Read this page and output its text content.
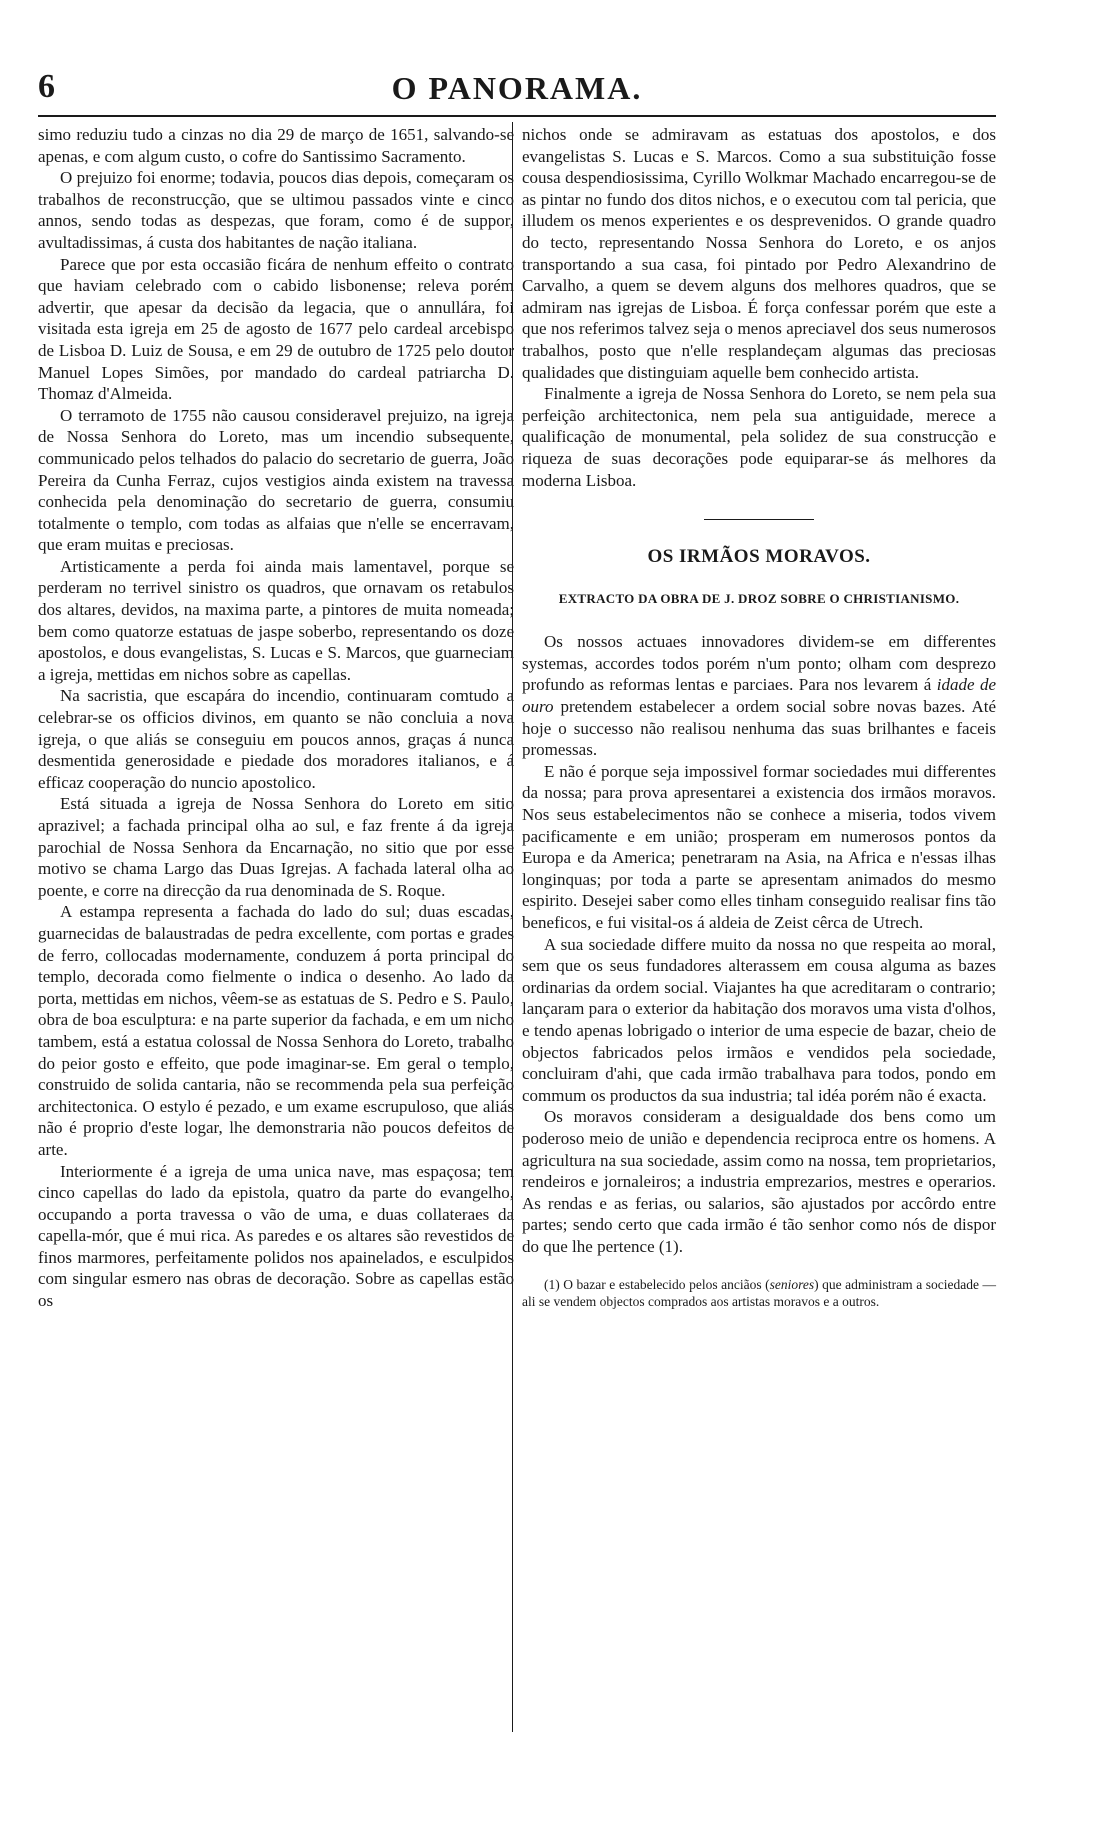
6	O PANORAMA.

simo reduziu tudo a cinzas no dia 29 de março de 1651, salvando-se apenas, e com algum custo, o cofre do Santissimo Sacramento.

O prejuizo foi enorme; todavia, poucos dias depois, começaram os trabalhos de reconstrucção, que se ultimou passados vinte e cinco annos, sendo todas as despezas, que foram, como é de suppor, avultadissimas, á custa dos habitantes de nação italiana.

Parece que por esta occasião ficára de nenhum effeito o contrato que haviam celebrado com o cabido lisbonense; releva porém advertir, que apesar da decisão da legacia, que o annullára, foi visitada esta igreja em 25 de agosto de 1677 pelo cardeal arcebispo de Lisboa D. Luiz de Sousa, e em 29 de outubro de 1725 pelo doutor Manuel Lopes Simões, por mandado do cardeal patriarcha D. Thomaz d'Almeida.

O terramoto de 1755 não causou consideravel prejuizo, na igreja de Nossa Senhora do Loreto, mas um incendio subsequente, communicado pelos telhados do palacio do secretario de guerra, João Pereira da Cunha Ferraz, cujos vestigios ainda existem na travessa conhecida pela denominação do secretario de guerra, consumiu totalmente o templo, com todas as alfaias que n'elle se encerravam, que eram muitas e preciosas.

Artisticamente a perda foi ainda mais lamentavel, porque se perderam no terrivel sinistro os quadros, que ornavam os retabulos dos altares, devidos, na maxima parte, a pintores de muita nomeada; bem como quatorze estatuas de jaspe soberbo, representando os doze apostolos, e dous evangelistas, S. Lucas e S. Marcos, que guarneciam a igreja, mettidas em nichos sobre as capellas.

Na sacristia, que escapára do incendio, continuaram comtudo a celebrar-se os officios divinos, em quanto se não concluia a nova igreja, o que aliás se conseguiu em poucos annos, graças á nunca desmentida generosidade e piedade dos moradores italianos, e á efficaz cooperação do nuncio apostolico.

Está situada a igreja de Nossa Senhora do Loreto em sitio aprazivel; a fachada principal olha ao sul, e faz frente á da igreja parochial de Nossa Senhora da Encarnação, no sitio que por esse motivo se chama Largo das Duas Igrejas. A fachada lateral olha ao poente, e corre na direcção da rua denominada de S. Roque.

A estampa representa a fachada do lado do sul; duas escadas, guarnecidas de balaustradas de pedra excellente, com portas e grades de ferro, collocadas modernamente, conduzem á porta principal do templo, decorada como fielmente o indica o desenho. Ao lado da porta, mettidas em nichos, vêem-se as estatuas de S. Pedro e S. Paulo, obra de boa esculptura: e na parte superior da fachada, e em um nicho tambem, está a estatua colossal de Nossa Senhora do Loreto, trabalho do peior gosto e effeito, que pode imaginar-se. Em geral o templo, construido de solida cantaria, não se recommenda pela sua perfeição architectonica. O estylo é pezado, e um exame escrupuloso, que aliás não é proprio d'este logar, lhe demonstraria não poucos defeitos de arte.

Interiormente é a igreja de uma unica nave, mas espaçosa; tem cinco capellas do lado da epistola, quatro da parte do evangelho, occupando a porta travessa o vão de uma, e duas collateraes da capella-mór, que é mui rica. As paredes e os altares são revestidos de finos marmores, perfeitamente polidos nos apainelados, e esculpidos com singular esmero nas obras de decoração. Sobre as capellas estão os

nichos onde se admiravam as estatuas dos apostolos, e dos evangelistas S. Lucas e S. Marcos. Como a sua substituição fosse cousa despendiosissima, Cyrillo Wolkmar Machado encarregou-se de as pintar no fundo dos ditos nichos, e o executou com tal pericia, que illudem os menos experientes e os desprevenidos. O grande quadro do tecto, representando Nossa Senhora do Loreto, e os anjos transportando a sua casa, foi pintado por Pedro Alexandrino de Carvalho, a quem se devem alguns dos melhores quadros, que se admiram nas igrejas de Lisboa. É força confessar porém que este a que nos referimos talvez seja o menos apreciavel dos seus numerosos trabalhos, posto que n'elle resplandeçam algumas das preciosas qualidades que distinguiam aquelle bem conhecido artista.

Finalmente a igreja de Nossa Senhora do Loreto, se nem pela sua perfeição architectonica, nem pela sua antiguidade, merece a qualificação de monumental, pela solidez de sua construcção e riqueza de suas decorações pode equiparar-se ás melhores da moderna Lisboa.

OS IRMÃOS MORAVOS.
EXTRACTO DA OBRA DE J. DROZ SOBRE O CHRISTIANISMO.

Os nossos actuaes innovadores dividem-se em differentes systemas, accordes todos porém n'um ponto; olham com desprezo profundo as reformas lentas e parciaes. Para nos levarem á idade de ouro pretendem estabelecer a ordem social sobre novas bazes. Até hoje o successo não realisou nenhuma das suas brilhantes e faceis promessas.

E não é porque seja impossivel formar sociedades mui differentes da nossa; para prova apresentarei a existencia dos irmãos moravos. Nos seus estabelecimentos não se conhece a miseria, todos vivem pacificamente e em união; prosperam em numerosos pontos da Europa e da America; penetraram na Asia, na Africa e n'essas ilhas longinquas; por toda a parte se apresentam animados do mesmo espirito. Desejei saber como elles tinham conseguido realisar fins tão beneficos, e fui visital-os á aldeia de Zeist cêrca de Utrech.

A sua sociedade differe muito da nossa no que respeita ao moral, sem que os seus fundadores alterassem em cousa alguma as bazes ordinarias da ordem social. Viajantes ha que acreditaram o contrario; lançaram para o exterior da habitação dos moravos uma vista d'olhos, e tendo apenas lobrigado o interior de uma especie de bazar, cheio de objectos fabricados pelos irmãos e vendidos pela sociedade, concluiram d'ahi, que cada irmão trabalhava para todos, pondo em commum os productos da sua industria; tal idéa porém não é exacta.

Os moravos consideram a desigualdade dos bens como um poderoso meio de união e dependencia reciproca entre os homens. A agricultura na sua sociedade, assim como na nossa, tem proprietarios, rendeiros e jornaleiros; a industria emprezarios, mestres e operarios. As rendas e as ferias, ou salarios, são ajustados por accôrdo entre partes; sendo certo que cada irmão é tão senhor como nós de dispor do que lhe pertence (1).

(1) O bazar e estabelecido pelos anciãos (seniores) que administram a sociedade — ali se vendem objectos comprados aos artistas moravos e a outros.
